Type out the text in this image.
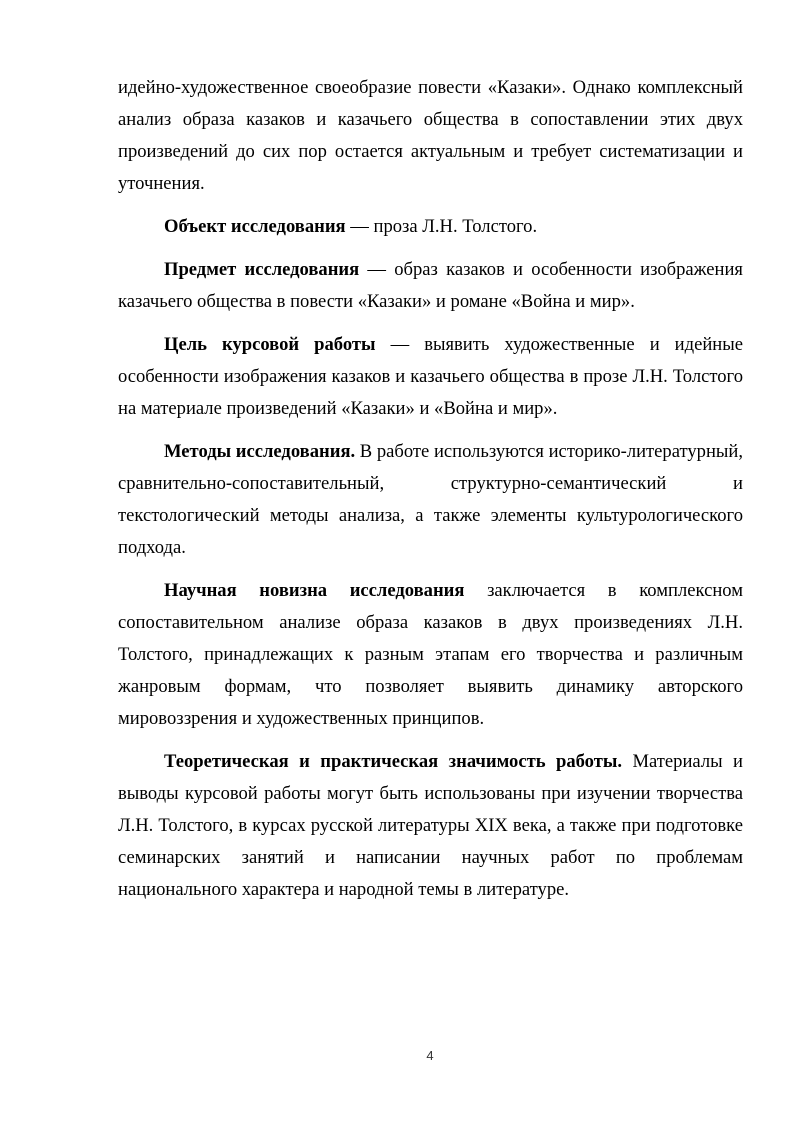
идейно-художественное своеобразие повести «Казаки». Однако комплексный анализ образа казаков и казачьего общества в сопоставлении этих двух произведений до сих пор остается актуальным и требует систематизации и уточнения.

Объект исследования — проза Л.Н. Толстого.

Предмет исследования — образ казаков и особенности изображения казачьего общества в повести «Казаки» и романе «Война и мир».

Цель курсовой работы — выявить художественные и идейные особенности изображения казаков и казачьего общества в прозе Л.Н. Толстого на материале произведений «Казаки» и «Война и мир».

Методы исследования. В работе используются историко-литературный, сравнительно-сопоставительный, структурно-семантический и текстологический методы анализа, а также элементы культурологического подхода.

Научная новизна исследования заключается в комплексном сопоставительном анализе образа казаков в двух произведениях Л.Н. Толстого, принадлежащих к разным этапам его творчества и различным жанровым формам, что позволяет выявить динамику авторского мировоззрения и художественных принципов.

Теоретическая и практическая значимость работы. Материалы и выводы курсовой работы могут быть использованы при изучении творчества Л.Н. Толстого, в курсах русской литературы XIX века, а также при подготовке семинарских занятий и написании научных работ по проблемам национального характера и народной темы в литературе.

4
